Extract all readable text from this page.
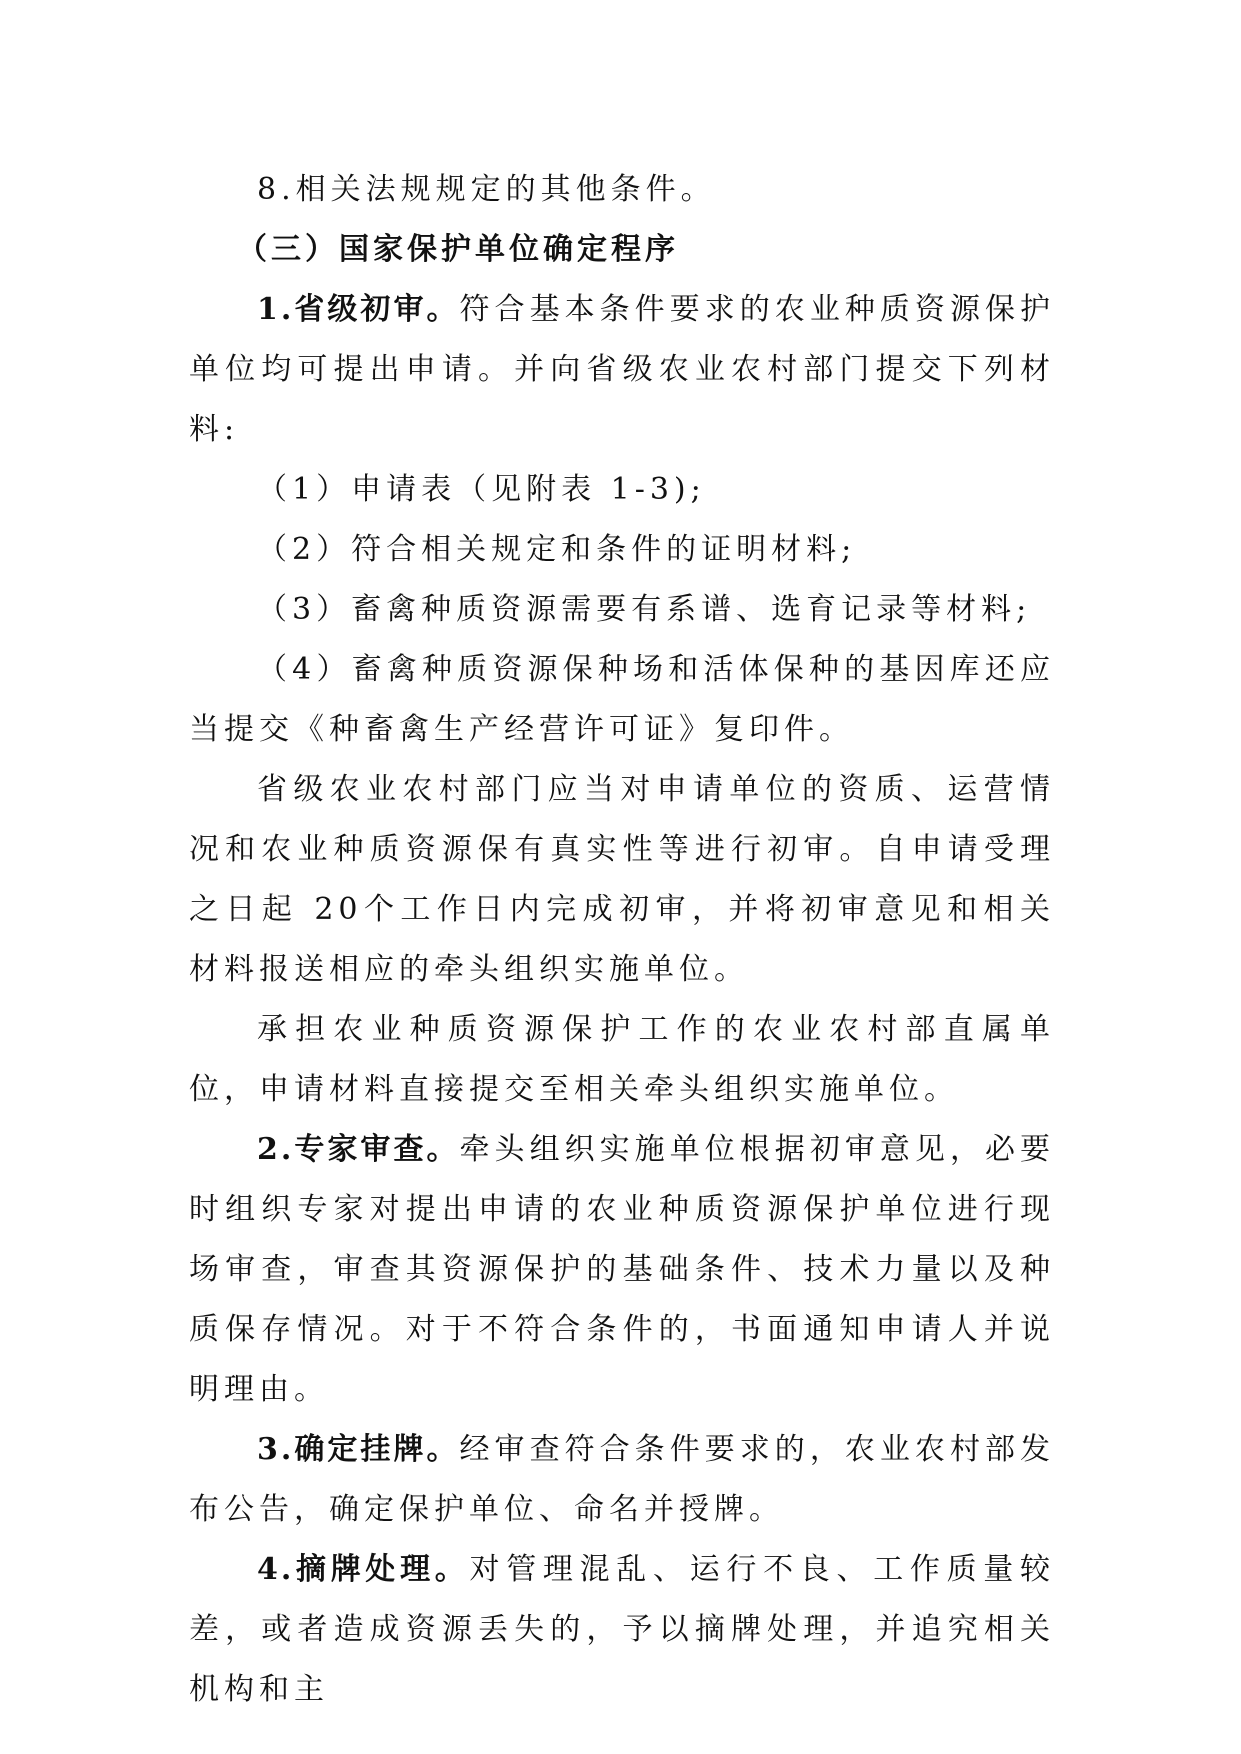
8.相关法规规定的其他条件。

（三）国家保护单位确定程序

1.省级初审。符合基本条件要求的农业种质资源保护单位均可提出申请。并向省级农业农村部门提交下列材料:

（1）申请表（见附表 1-3);

（2）符合相关规定和条件的证明材料;

（3）畜禽种质资源需要有系谱、选育记录等材料;

（4）畜禽种质资源保种场和活体保种的基因库还应当提交《种畜禽生产经营许可证》复印件。

省级农业农村部门应当对申请单位的资质、运营情况和农业种质资源保有真实性等进行初审。自申请受理之日起 20个工作日内完成初审，并将初审意见和相关材料报送相应的牵头组织实施单位。

承担农业种质资源保护工作的农业农村部直属单位，申请材料直接提交至相关牵头组织实施单位。

2.专家审查。牵头组织实施单位根据初审意见，必要时组织专家对提出申请的农业种质资源保护单位进行现场审查，审查其资源保护的基础条件、技术力量以及种质保存情况。对于不符合条件的，书面通知申请人并说明理由。

3.确定挂牌。经审查符合条件要求的，农业农村部发布公告，确定保护单位、命名并授牌。

4.摘牌处理。对管理混乱、运行不良、工作质量较差，或者造成资源丢失的，予以摘牌处理，并追究相关机构和主
